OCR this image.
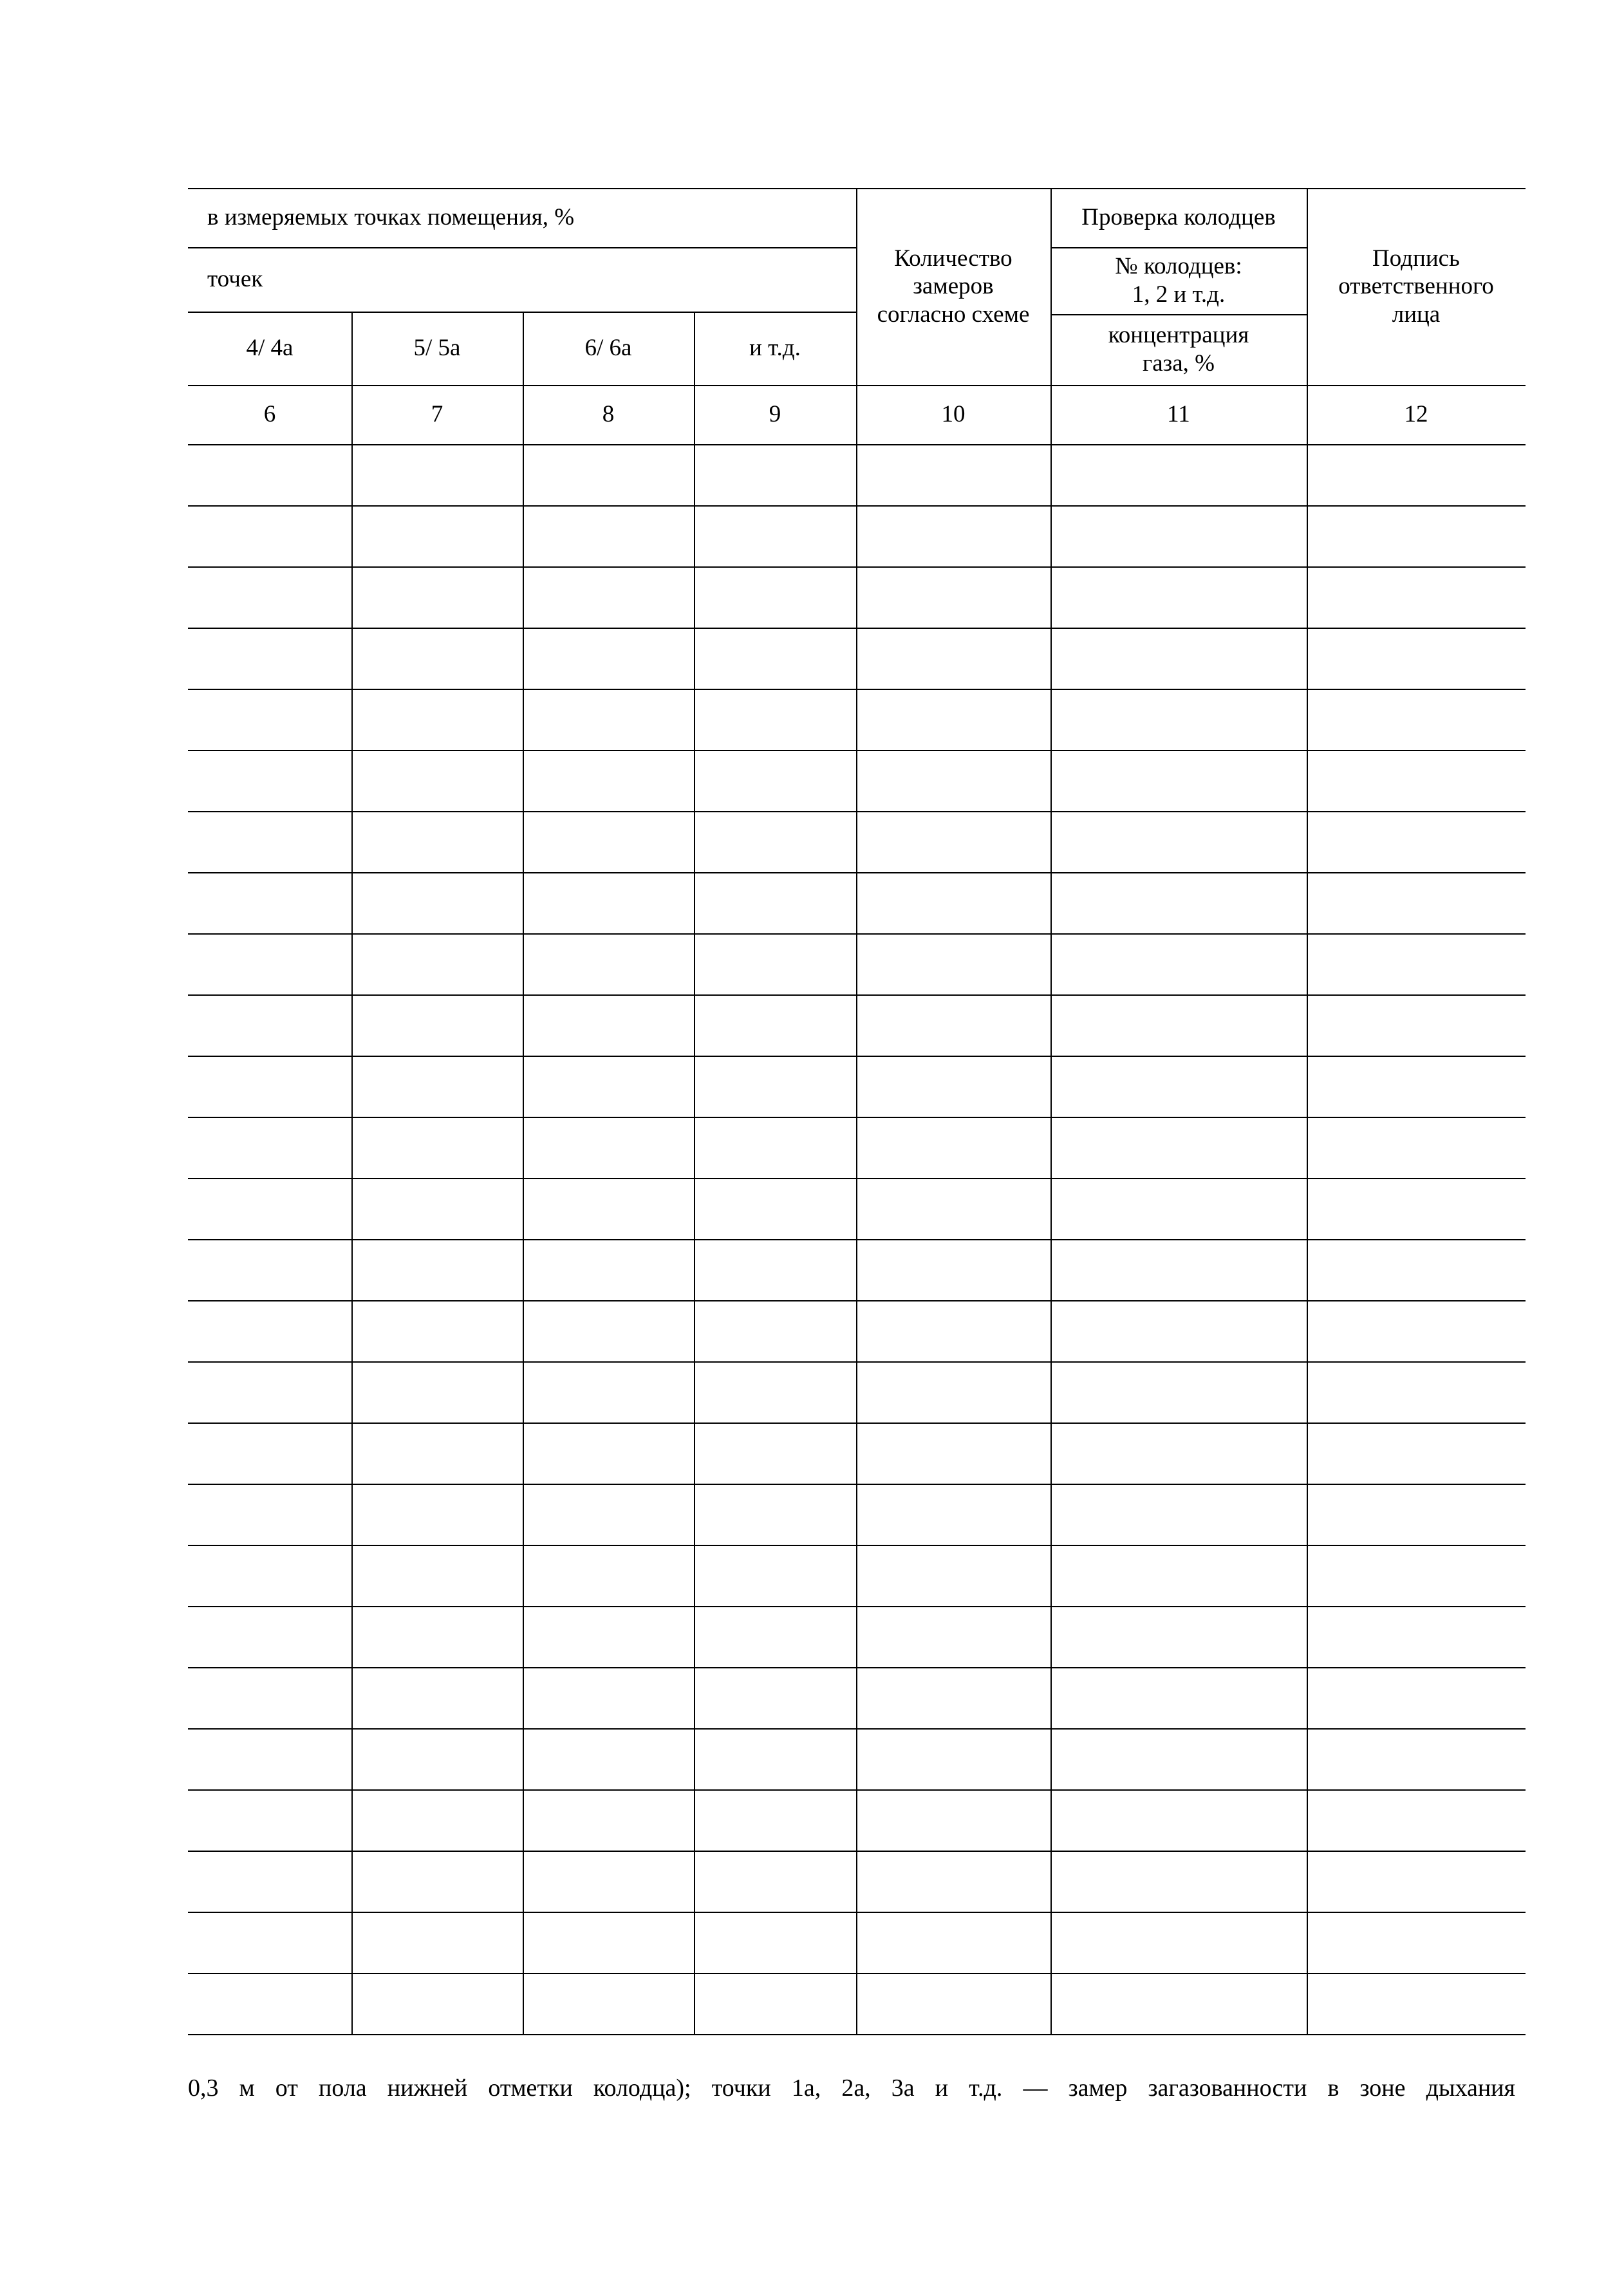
в измеряемых точках помещения, %
точек
4/ 4а	5/ 5а	6/ 6а	и т.д.
Количество
замеров
согласно схеме
Проверка колодцев
№ колодцев:
1, 2 и т.д.
концентрация
газа, %
Подпись
ответственного
лица
6	7	8	9	10	11	12
0,3 м от пола нижней отметки колодца); точки 1а, 2а, 3а и т.д. — замер загазованности в зоне дыхания
